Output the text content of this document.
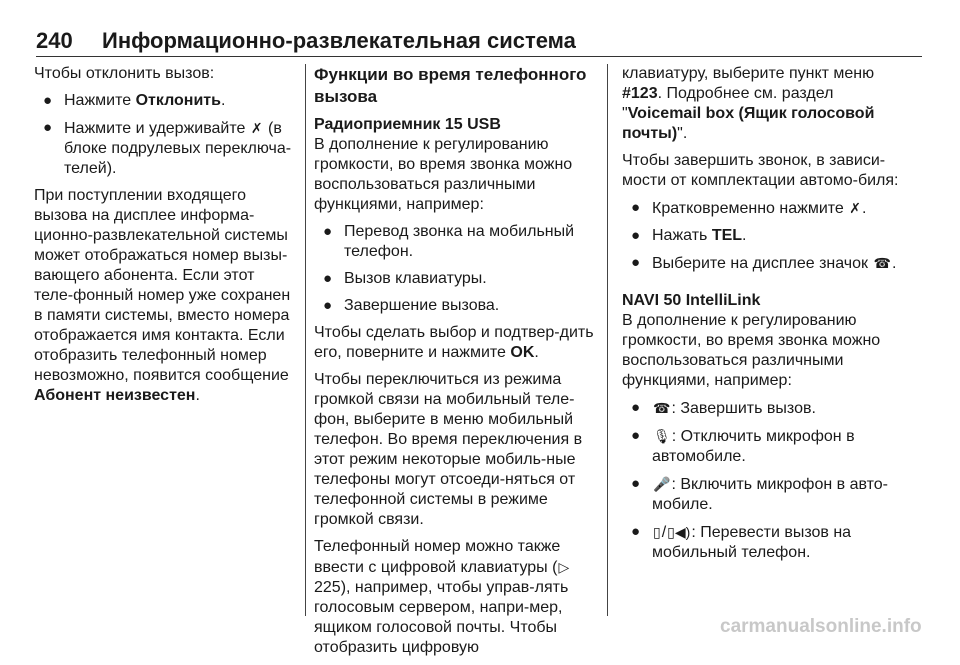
240 Информационно-развлекательная система

Чтобы отклонить вызов:

● Нажмите Отклонить.
● Нажмите и удерживайте ✗ (в блоке подрулевых переключа-телей).

При поступлении входящего вызова на дисплее информа-ционно-развлекательной системы может отображаться номер вызы-вающего абонента. Если этот теле-фонный номер уже сохранен в памяти системы, вместо номера отображается имя контакта. Если отобразить телефонный номер невозможно, появится сообщение Абонент неизвестен.

Функции во время телефонного вызова

Радиоприемник 15 USB

В дополнение к регулированию громкости, во время звонка можно воспользоваться различными функциями, например:

● Перевод звонка на мобильный телефон.
● Вызов клавиатуры.
● Завершение вызова.

Чтобы сделать выбор и подтвер-дить его, поверните и нажмите OK.

Чтобы переключиться из режима громкой связи на мобильный теле-фон, выберите в меню мобильный телефон. Во время переключения в этот режим некоторые мобиль-ные телефоны могут отсоеди-няться от телефонной системы в режиме громкой связи.

Телефонный номер можно также ввести с цифровой клавиатуры (▷225), например, чтобы управ-лять голосовым сервером, напри-мер, ящиком голосовой почты. Чтобы отобразить цифровую

клавиатуру, выберите пункт меню #123. Подробнее см. раздел "Voicemail box (Ящик голосовой почты)".

Чтобы завершить звонок, в зависи-мости от комплектации автомо-биля:

● Кратковременно нажмите ✗.
● Нажать TEL.
● Выберите на дисплее значок ☎.

NAVI 50 IntelliLink

В дополнение к регулированию громкости, во время звонка можно воспользоваться различными функциями, например:

● ☎: Завершить вызов.
● 🎙: Отключить микрофон в автомобиле.
● 🎤: Включить микрофон в авто-мобиле.
● ▯/▯◀): Перевести вызов на мобильный телефон.
carmanualsonline.info
